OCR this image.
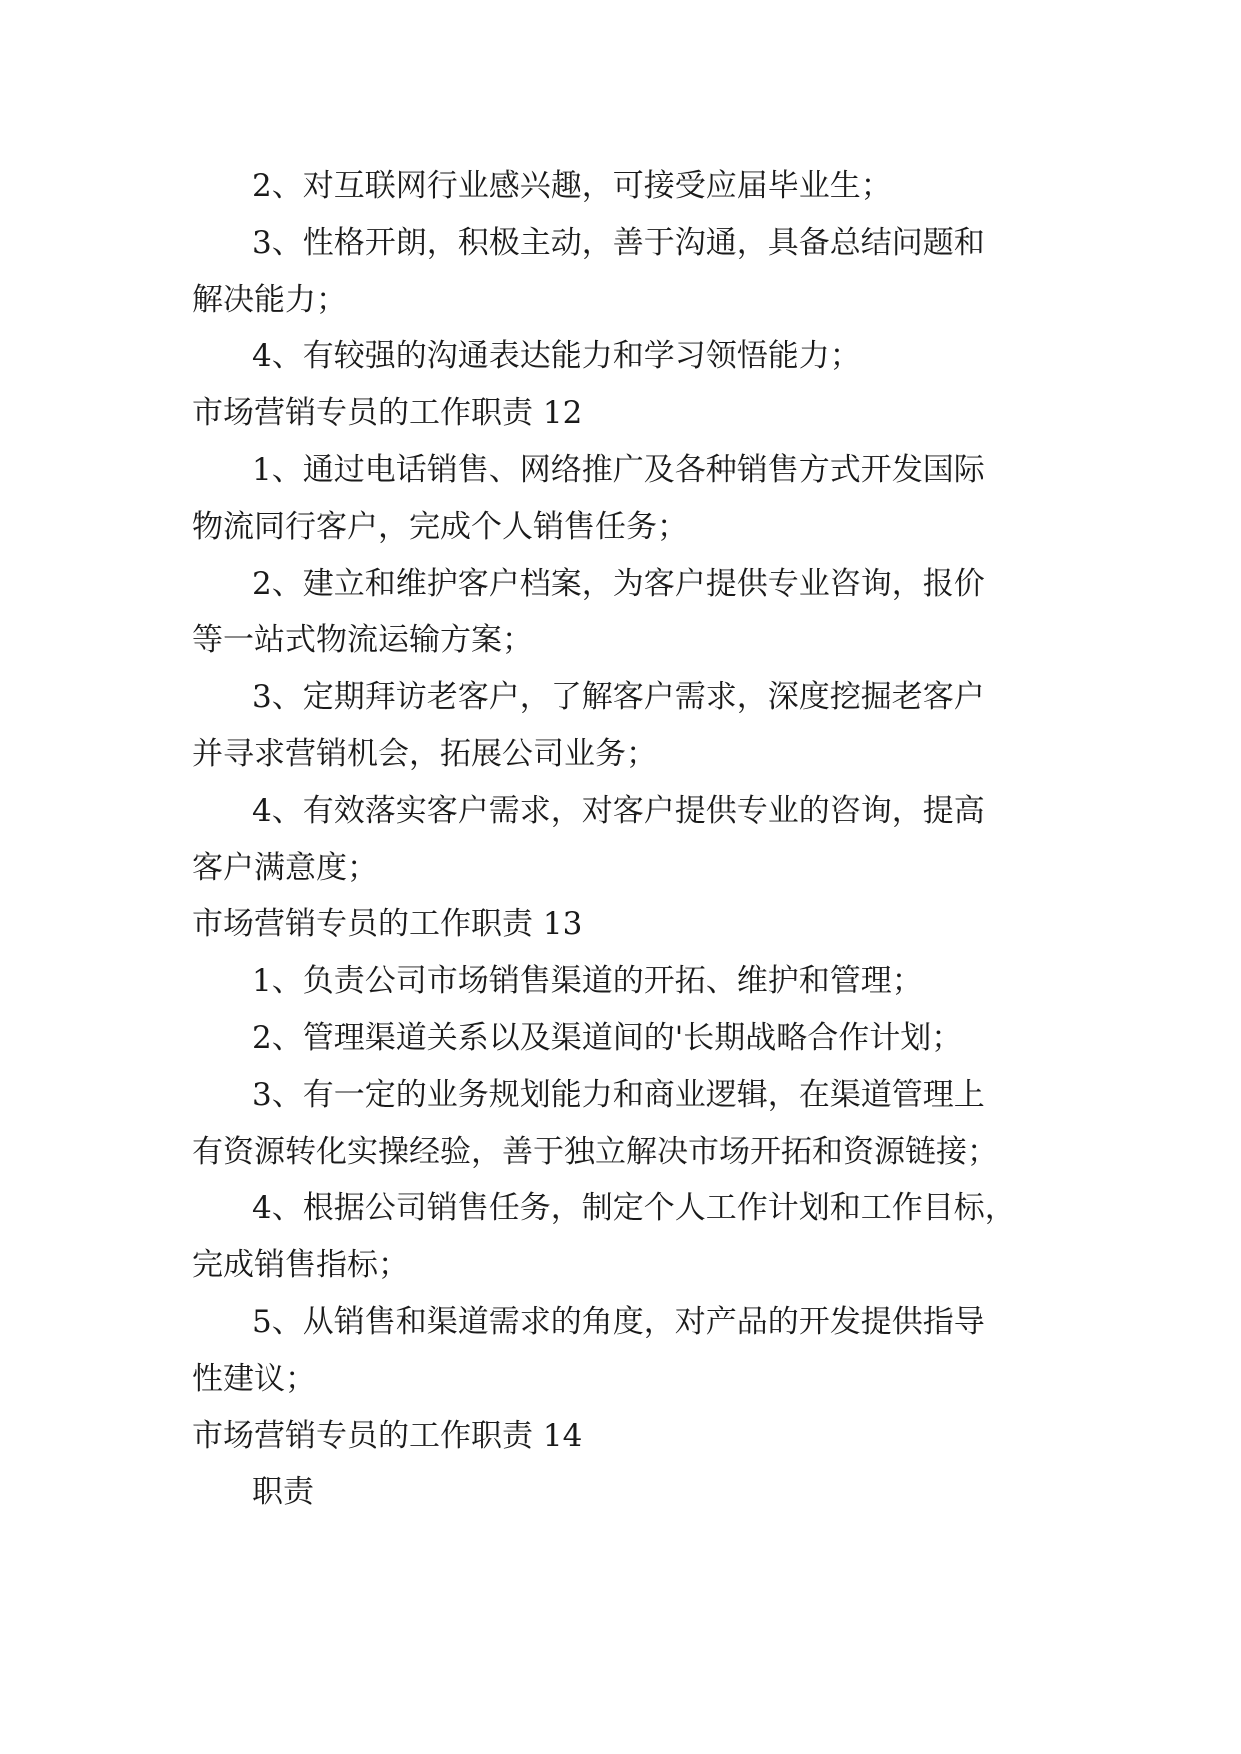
2、对互联网行业感兴趣，可接受应届毕业生；
3、性格开朗，积极主动，善于沟通，具备总结问题和
解决能力；
4、有较强的沟通表达能力和学习领悟能力；
市场营销专员的工作职责 12
1、通过电话销售、网络推广及各种销售方式开发国际
物流同行客户，完成个人销售任务；
2、建立和维护客户档案，为客户提供专业咨询，报价
等一站式物流运输方案；
3、定期拜访老客户，了解客户需求，深度挖掘老客户
并寻求营销机会，拓展公司业务；
4、有效落实客户需求，对客户提供专业的咨询，提高
客户满意度；
市场营销专员的工作职责 13
1、负责公司市场销售渠道的开拓、维护和管理；
2、管理渠道关系以及渠道间的'长期战略合作计划；
3、有一定的业务规划能力和商业逻辑，在渠道管理上
有资源转化实操经验，善于独立解决市场开拓和资源链接；
4、根据公司销售任务，制定个人工作计划和工作目标，
完成销售指标；
5、从销售和渠道需求的角度，对产品的开发提供指导
性建议；
市场营销专员的工作职责 14
职责
